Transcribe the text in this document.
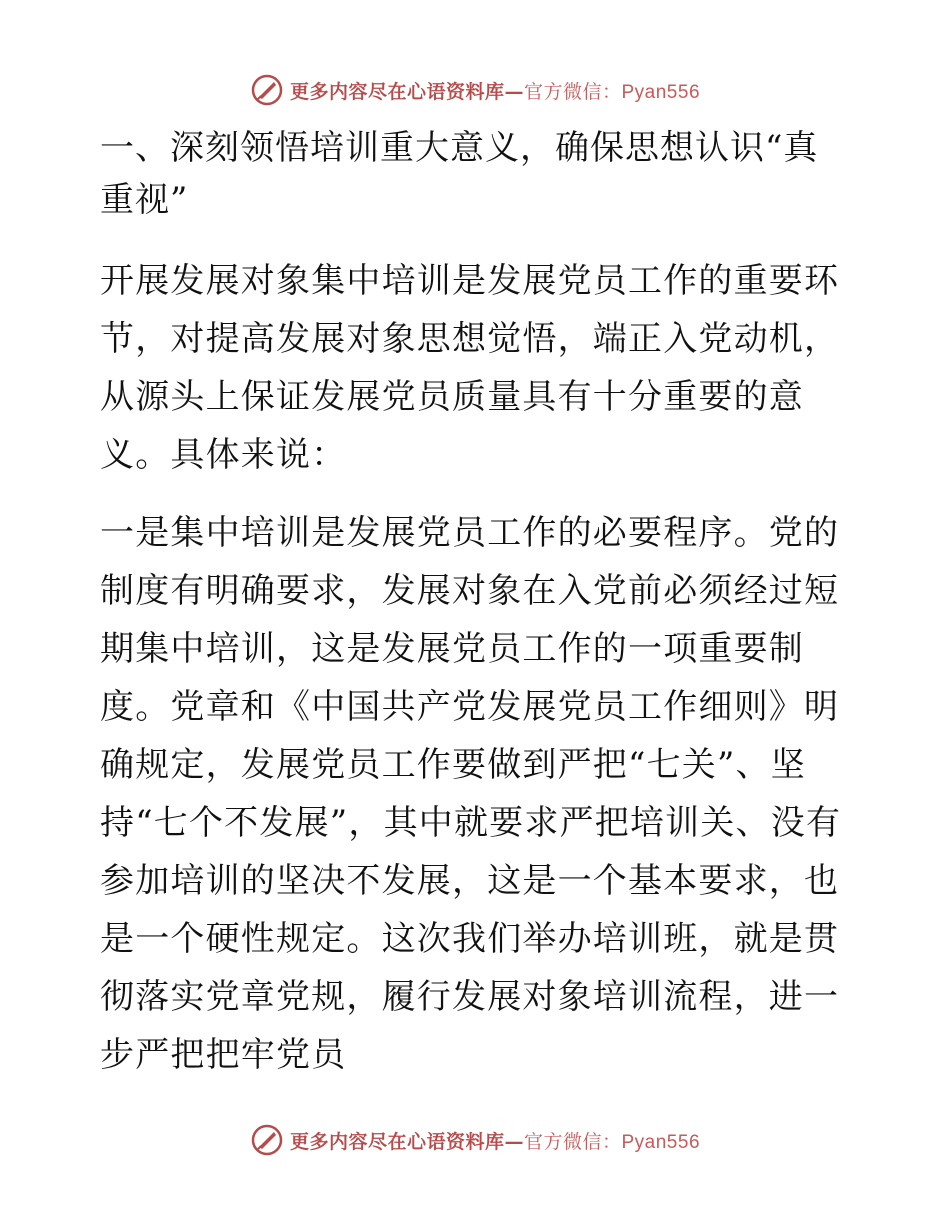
更多内容尽在心语资料库—官方微信：Pyan556
一、深刻领悟培训重大意义，确保思想认识“真重视”

开展发展对象集中培训是发展党员工作的重要环节，对提高发展对象思想觉悟，端正入党动机，从源头上保证发展党员质量具有十分重要的意义。具体来说：

一是集中培训是发展党员工作的必要程序。党的制度有明确要求，发展对象在入党前必须经过短期集中培训，这是发展党员工作的一项重要制度。党章和《中国共产党发展党员工作细则》明确规定，发展党员工作要做到严把“七关”、坚持“七个不发展”，其中就要求严把培训关、没有参加培训的坚决不发展，这是一个基本要求，也是一个硬性规定。这次我们举办培训班，就是贯彻落实党章党规，履行发展对象培训流程，进一步严把把牢党员

更多内容尽在心语资料库—官方微信：Pyan556
